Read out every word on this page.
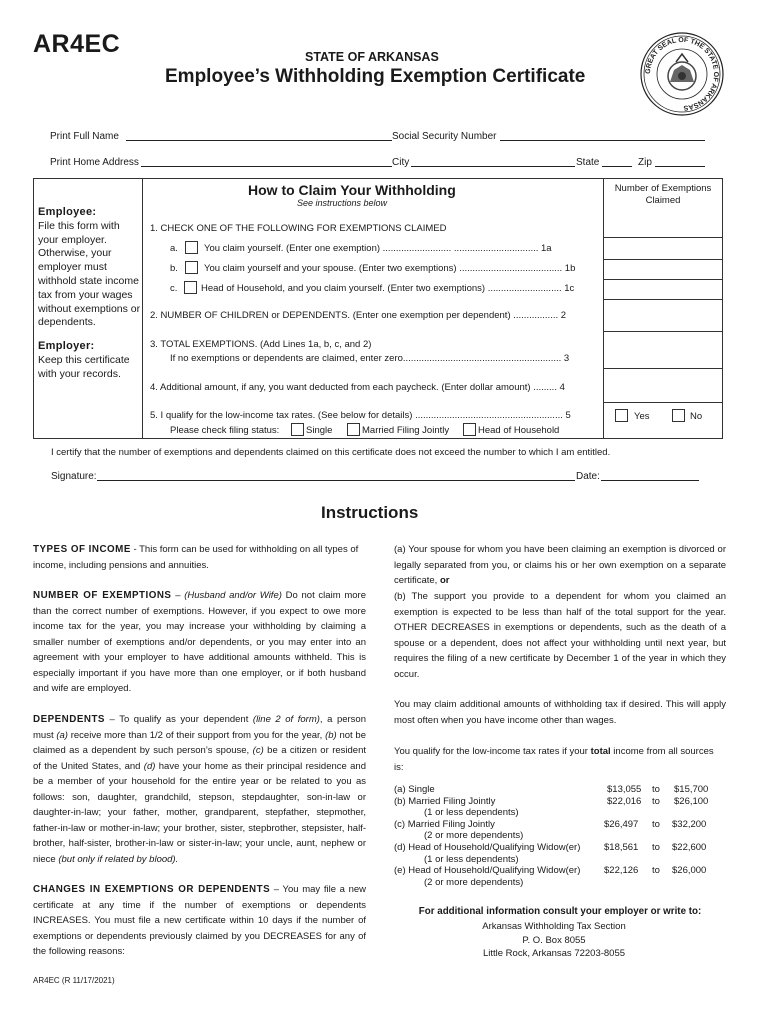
AR4EC	STATE OF ARKANSAS
Employee’s Withholding Exemption Certificate	GREAT SEAL OF THE STATE OF ARKANSAS
Print Full Name	Social Security Number
Print Home Address	City	State	Zip
Employee:
File this form with your employer. Otherwise, your employer must withhold state income tax from your wages without exemptions or dependents.
Employer:
Keep this certificate with your records.
Number of Exemptions Claimed
How to Claim Your Withholding
See instructions below
1. CHECK ONE OF THE FOLLOWING FOR EXEMPTIONS CLAIMED
a.	You claim yourself. (Enter one exemption) .......................... ................................ 1a
b.	You claim yourself and your spouse. (Enter two exemptions) ....................................... 1b
c. Head of Household, and you claim yourself. (Enter two exemptions) ............................ 1c
2. NUMBER OF CHILDREN or DEPENDENTS. (Enter one exemption per dependent) ................. 2
3. TOTAL EXEMPTIONS. (Add Lines 1a, b, c, and 2)
If no exemptions or dependents are claimed, enter zero............................................................ 3
4. Additional amount, if any, you want deducted from each paycheck. (Enter dollar amount) ......... 4
5. I qualify for the low-income tax rates. (See below for details) ........................................................ 5
Please check filing status:	Single	Married Filing Jointly	Head of Household
Yes	No
I certify that the number of exemptions and dependents claimed on this certificate does not exceed the number to which I am entitled.
Signature:	Date:
Instructions
TYPES OF INCOME - This form can be used for withholding on all types of income, including pensions and annuities.
NUMBER OF EXEMPTIONS – (Husband and/or Wife) Do not claim more than the correct number of exemptions. However, if you expect to owe more income tax for the year, you may increase your withholding by claiming a smaller number of exemptions and/or dependents, or you may enter into an agreement with your employer to have additional amounts withheld. This is especially important if you have more than one employer, or if both husband and wife are employed.
DEPENDENTS – To qualify as your dependent (line 2 of form), a person must (a) receive more than 1/2 of their support from you for the year, (b) not be claimed as a dependent by such person’s spouse, (c) be a citizen or resident of the United States, and (d) have your home as their principal residence and be a member of your household for the entire year or be related to you as follows: son, daughter, grandchild, stepson, stepdaughter, son-in-law or daughter-in-law; your father, mother, grandparent, stepfather, stepmother, father-in-law or mother-in-law; your brother, sister, stepbrother, stepsister, half-brother, half-sister, brother-in-law or sister-in-law; your uncle, aunt, nephew or niece (but only if related by blood).
CHANGES IN EXEMPTIONS OR DEPENDENTS – You may file a new certificate at any time if the number of exemptions or dependents INCREASES. You must file a new certificate within 10 days if the number of exemptions or dependents previously claimed by you DECREASES for any of the following reasons:
(a) Your spouse for whom you have been claiming an exemption is divorced or legally separated from you, or claims his or her own exemption on a separate certificate, or
(b) The support you provide to a dependent for whom you claimed an exemption is expected to be less than half of the total support for the year. OTHER DECREASES in exemptions or dependents, such as the death of a spouse or a dependent, does not affect your withholding until next year, but requires the filing of a new certificate by December 1 of the year in which they occur.
You may claim additional amounts of withholding tax if desired. This will apply most often when you have income other than wages.
You qualify for the low-income tax rates if your total income from all sources is:
(a) Single	$13,055 to $15,700
(b) Married Filing Jointly	$22,016 to $26,100
(1 or less dependents)
(c) Married Filing Jointly	$26,497 to $32,200
(2 or more dependents)
(d) Head of Household/Qualifying Widow(er) $18,561 to $22,600
(1 or less dependents)
(e) Head of Household/Qualifying Widow(er) $22,126 to $26,000
(2 or more dependents)
For additional information consult your employer or write to:
Arkansas Withholding Tax Section
P. O. Box 8055
Little Rock, Arkansas 72203-8055
AR4EC (R 11/17/2021)
